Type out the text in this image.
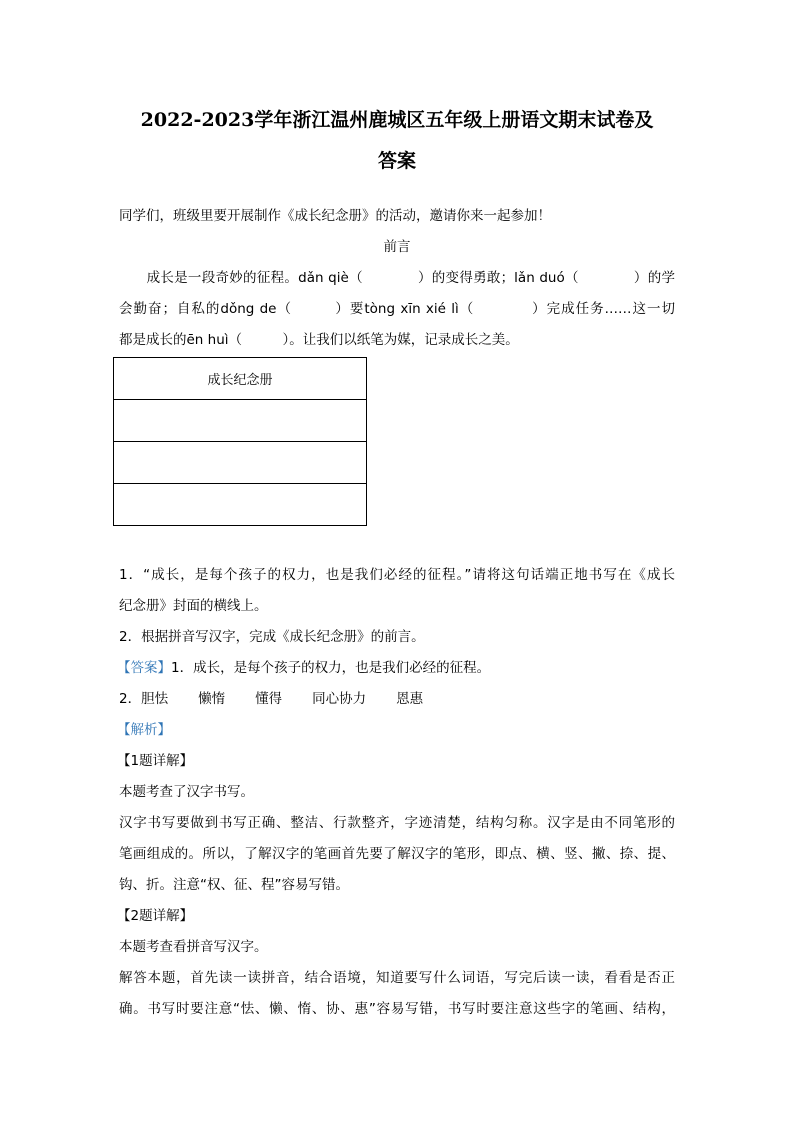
2022-2023学年浙江温州鹿城区五年级上册语文期末试卷及
答案
同学们，班级里要开展制作《成长纪念册》的活动，邀请你来一起参加！
前言
　　成长是一段奇妙的征程。dǎn qiè（　　　　）的变得勇敢；lǎn duó（　　　　）的学
会勤奋；自私的dǒng de（　　　）要tòng xīn xié lì（　　　　）完成任务……这一切
都是成长的ēn huì（　　　）。让我们以纸笔为媒，记录成长之美。
成长纪念册

1．“成长，是每个孩子的权力，也是我们必经的征程。”请将这句话端正地书写在《成长
纪念册》封面的横线上。
2．根据拼音写汉字，完成《成长纪念册》的前言。
【答案】1．成长，是每个孩子的权力，也是我们必经的征程。
2．胆怯 懒惰 懂得 同心协力 恩惠
【解析】
【1题详解】
本题考查了汉字书写。
汉字书写要做到书写正确、整洁、行款整齐，字迹清楚，结构匀称。汉字是由不同笔形的
笔画组成的。所以，了解汉字的笔画首先要了解汉字的笔形，即点、横、竖、撇、捺、提、
钩、折。注意“权、征、程”容易写错。
【2题详解】
本题考查看拼音写汉字。
解答本题，首先读一读拼音，结合语境，知道要写什么词语，写完后读一读，看看是否正
确。书写时要注意“怯、懒、惰、协、惠”容易写错，书写时要注意这些字的笔画、结构，
